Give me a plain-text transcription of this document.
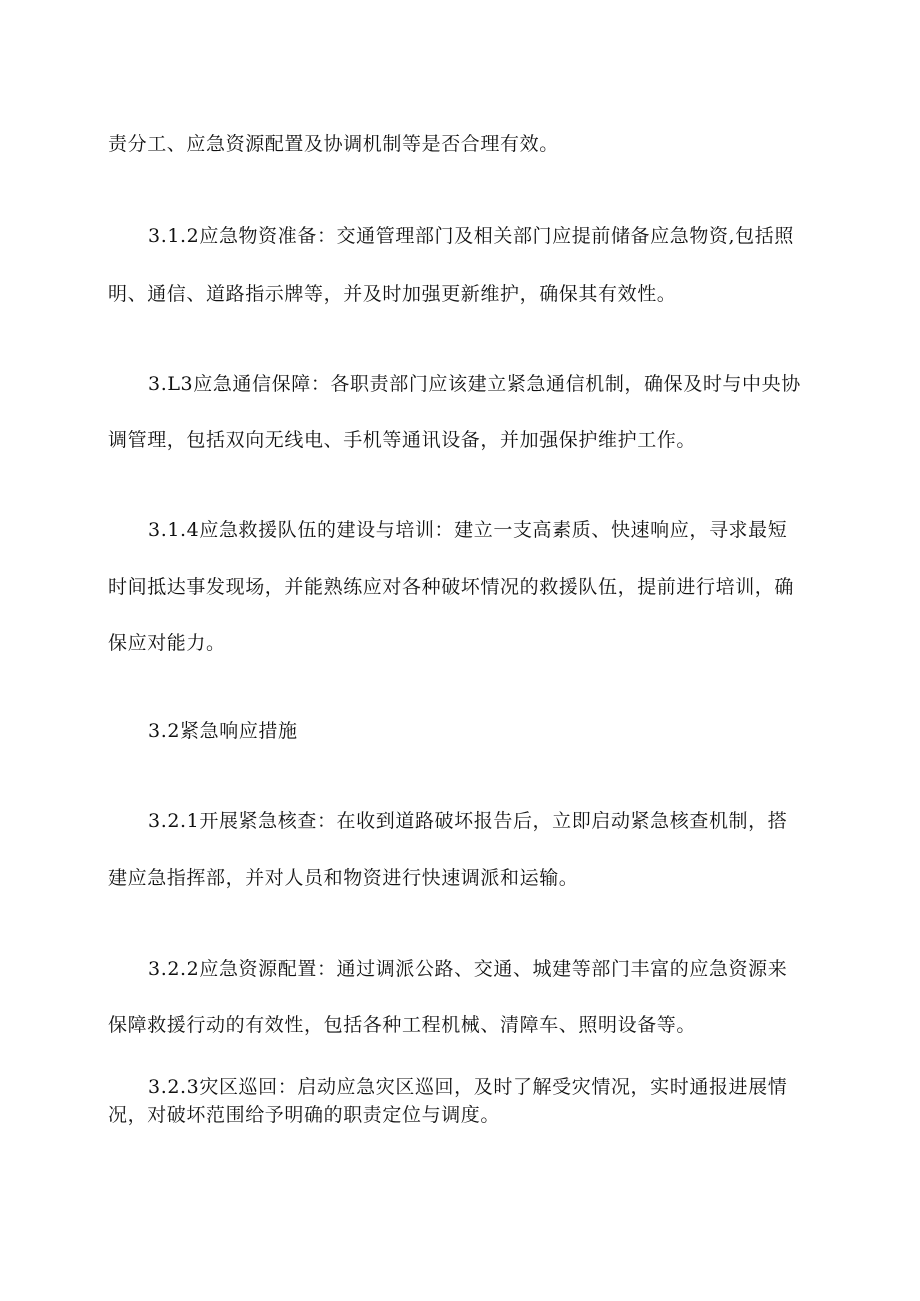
责分工、应急资源配置及协调机制等是否合理有效。
3.1.2应急物资准备：交通管理部门及相关部门应提前储备应急物资,包括照
明、通信、道路指示牌等，并及时加强更新维护，确保其有效性。
3.L3应急通信保障：各职责部门应该建立紧急通信机制，确保及时与中央协
调管理，包括双向无线电、手机等通讯设备，并加强保护维护工作。
3.1.4应急救援队伍的建设与培训：建立一支高素质、快速响应，寻求最短
时间抵达事发现场，并能熟练应对各种破坏情况的救援队伍，提前进行培训，确
保应对能力。
3.2紧急响应措施
3.2.1开展紧急核查：在收到道路破坏报告后，立即启动紧急核查机制，搭
建应急指挥部，并对人员和物资进行快速调派和运输。
3.2.2应急资源配置：通过调派公路、交通、城建等部门丰富的应急资源来
保障救援行动的有效性，包括各种工程机械、清障车、照明设备等。
3.2.3灾区巡回：启动应急灾区巡回，及时了解受灾情况，实时通报进展情
况，对破坏范围给予明确的职责定位与调度。
